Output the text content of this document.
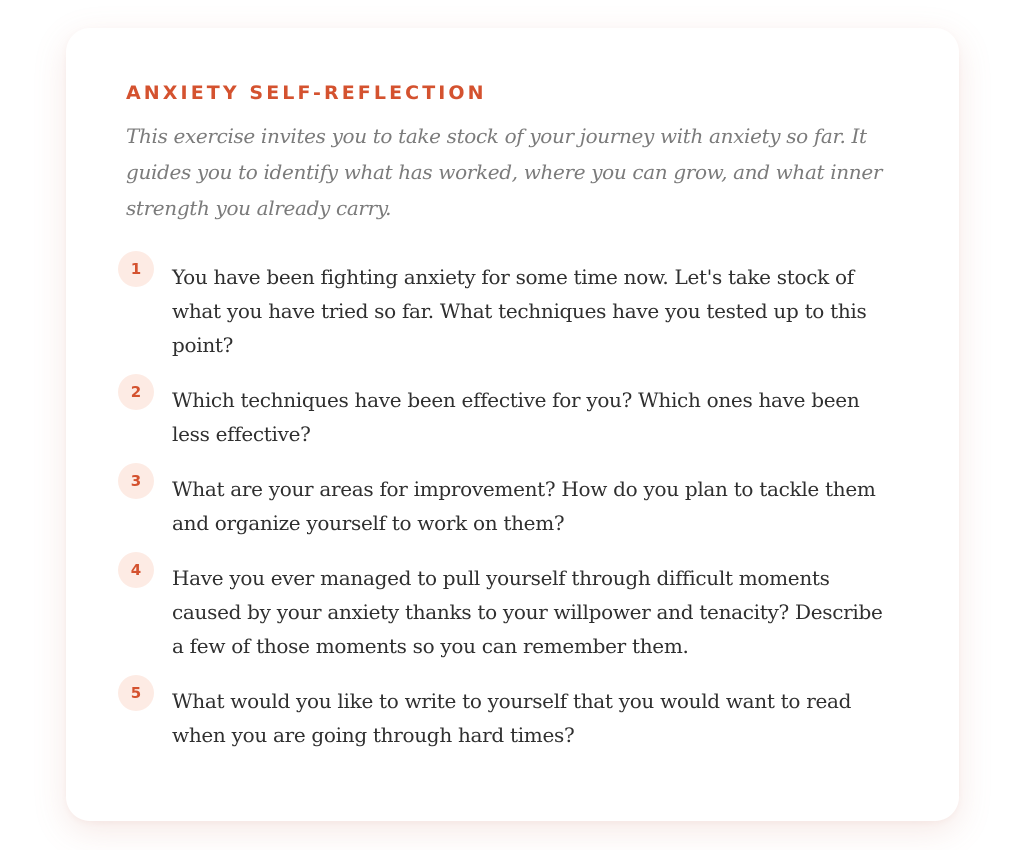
ANXIETY SELF-REFLECTION

This exercise invites you to take stock of your journey with anxiety so far. It guides you to identify what has worked, where you can grow, and what inner strength you already carry.

1	You have been fighting anxiety for some time now. Let's take stock of what you have tried so far. What techniques have you tested up to this point?
2	Which techniques have been effective for you? Which ones have been less effective?
3	What are your areas for improvement? How do you plan to tackle them and organize yourself to work on them?
4	Have you ever managed to pull yourself through difficult moments caused by your anxiety thanks to your willpower and tenacity? Describe a few of those moments so you can remember them.
5	What would you like to write to yourself that you would want to read when you are going through hard times?
